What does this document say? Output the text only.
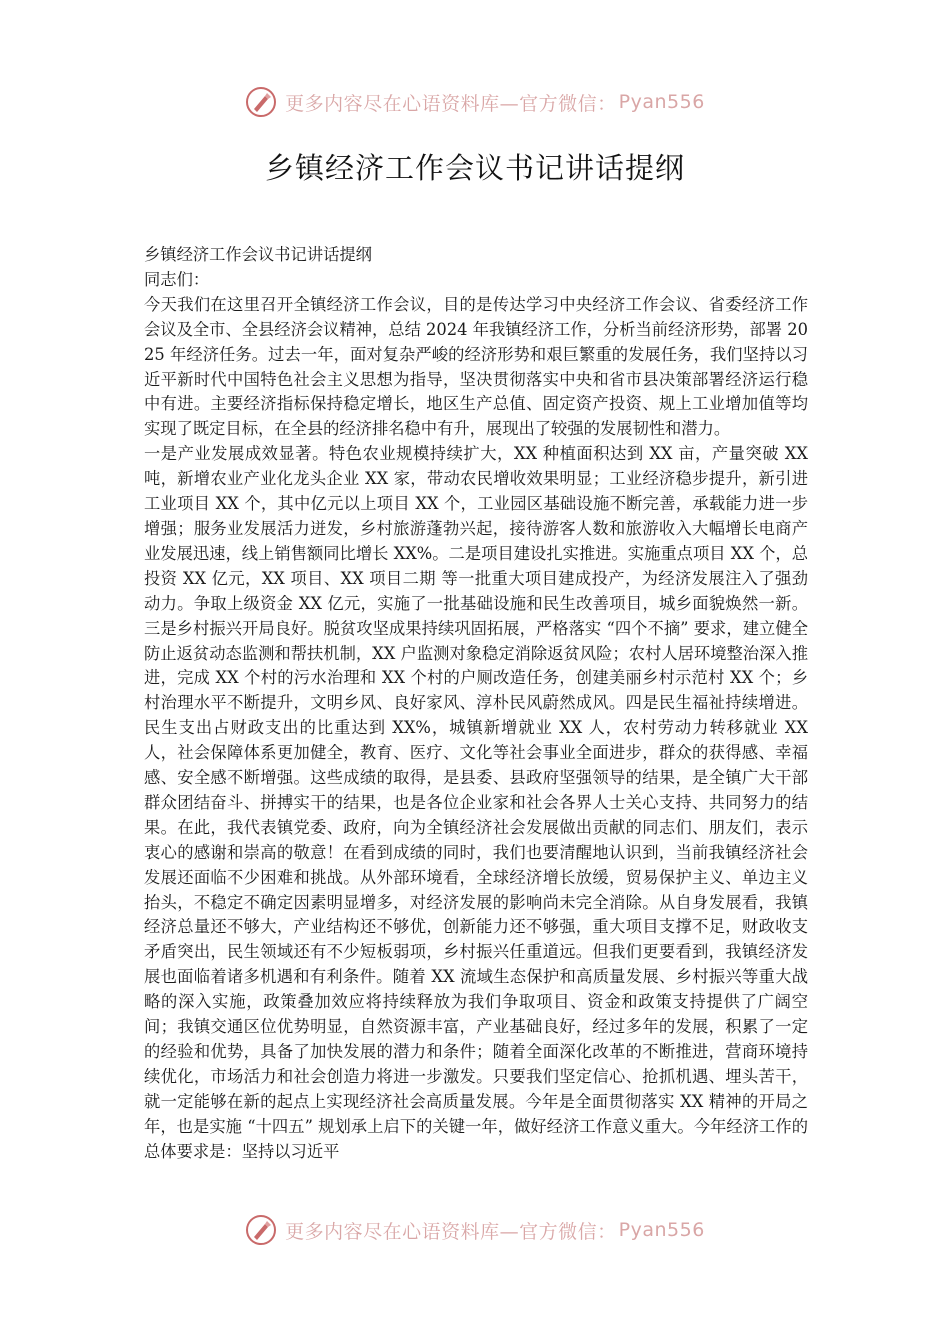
更多内容尽在心语资料库—官方微信： Pyan556
乡镇经济工作会议书记讲话提纲

乡镇经济工作会议书记讲话提纲

同志们：

今天我们在这里召开全镇经济工作会议，目的是传达学习中央经济工作会议、省委经济工作会议及全市、全县经济会议精神，总结 2024 年我镇经济工作，分析当前经济形势，部署 2025 年经济任务。过去一年，面对复杂严峻的经济形势和艰巨繁重的发展任务，我们坚持以习近平新时代中国特色社会主义思想为指导，坚决贯彻落实中央和省市县决策部署经济运行稳中有进。主要经济指标保持稳定增长，地区生产总值、固定资产投资、规上工业增加值等均实现了既定目标，在全县的经济排名稳中有升，展现出了较强的发展韧性和潜力。

一是产业发展成效显著。特色农业规模持续扩大，XX 种植面积达到 XX 亩，产量突破 XX 吨，新增农业产业化龙头企业 XX 家，带动农民增收效果明显；工业经济稳步提升，新引进工业项目 XX 个，其中亿元以上项目 XX 个，工业园区基础设施不断完善，承载能力进一步增强；服务业发展活力迸发，乡村旅游蓬勃兴起，接待游客人数和旅游收入大幅增长电商产业发展迅速，线上销售额同比增长 XX%。二是项目建设扎实推进。实施重点项目 XX 个，总投资 XX 亿元，XX 项目、XX 项目二期 等一批重大项目建成投产，为经济发展注入了强劲动力。争取上级资金 XX 亿元，实施了一批基础设施和民生改善项目，城乡面貌焕然一新。三是乡村振兴开局良好。脱贫攻坚成果持续巩固拓展，严格落实 “四个不摘” 要求，建立健全防止返贫动态监测和帮扶机制，XX 户监测对象稳定消除返贫风险；农村人居环境整治深入推进，完成 XX 个村的污水治理和 XX 个村的户厕改造任务，创建美丽乡村示范村 XX 个；乡村治理水平不断提升，文明乡风、良好家风、淳朴民风蔚然成风。四是民生福祉持续增进。民生支出占财政支出的比重达到 XX%，城镇新增就业 XX 人，农村劳动力转移就业 XX 人，社会保障体系更加健全，教育、医疗、文化等社会事业全面进步，群众的获得感、幸福感、安全感不断增强。这些成绩的取得，是县委、县政府坚强领导的结果，是全镇广大干部群众团结奋斗、拼搏实干的结果，也是各位企业家和社会各界人士关心支持、共同努力的结果。在此，我代表镇党委、政府，向为全镇经济社会发展做出贡献的同志们、朋友们，表示衷心的感谢和崇高的敬意！在看到成绩的同时，我们也要清醒地认识到，当前我镇经济社会发展还面临不少困难和挑战。从外部环境看，全球经济增长放缓，贸易保护主义、单边主义抬头，不稳定不确定因素明显增多，对经济发展的影响尚未完全消除。从自身发展看，我镇经济总量还不够大，产业结构还不够优，创新能力还不够强，重大项目支撑不足，财政收支矛盾突出，民生领域还有不少短板弱项，乡村振兴任重道远。但我们更要看到，我镇经济发展也面临着诸多机遇和有利条件。随着 XX 流域生态保护和高质量发展、乡村振兴等重大战略的深入实施，政策叠加效应将持续释放为我们争取项目、资金和政策支持提供了广阔空间；我镇交通区位优势明显，自然资源丰富，产业基础良好，经过多年的发展，积累了一定的经验和优势，具备了加快发展的潜力和条件；随着全面深化改革的不断推进，营商环境持续优化，市场活力和社会创造力将进一步激发。只要我们坚定信心、抢抓机遇、埋头苦干，就一定能够在新的起点上实现经济社会高质量发展。今年是全面贯彻落实 XX 精神的开局之年，也是实施 “十四五” 规划承上启下的关键一年，做好经济工作意义重大。今年经济工作的总体要求是：坚持以习近平

更多内容尽在心语资料库—官方微信： Pyan556
